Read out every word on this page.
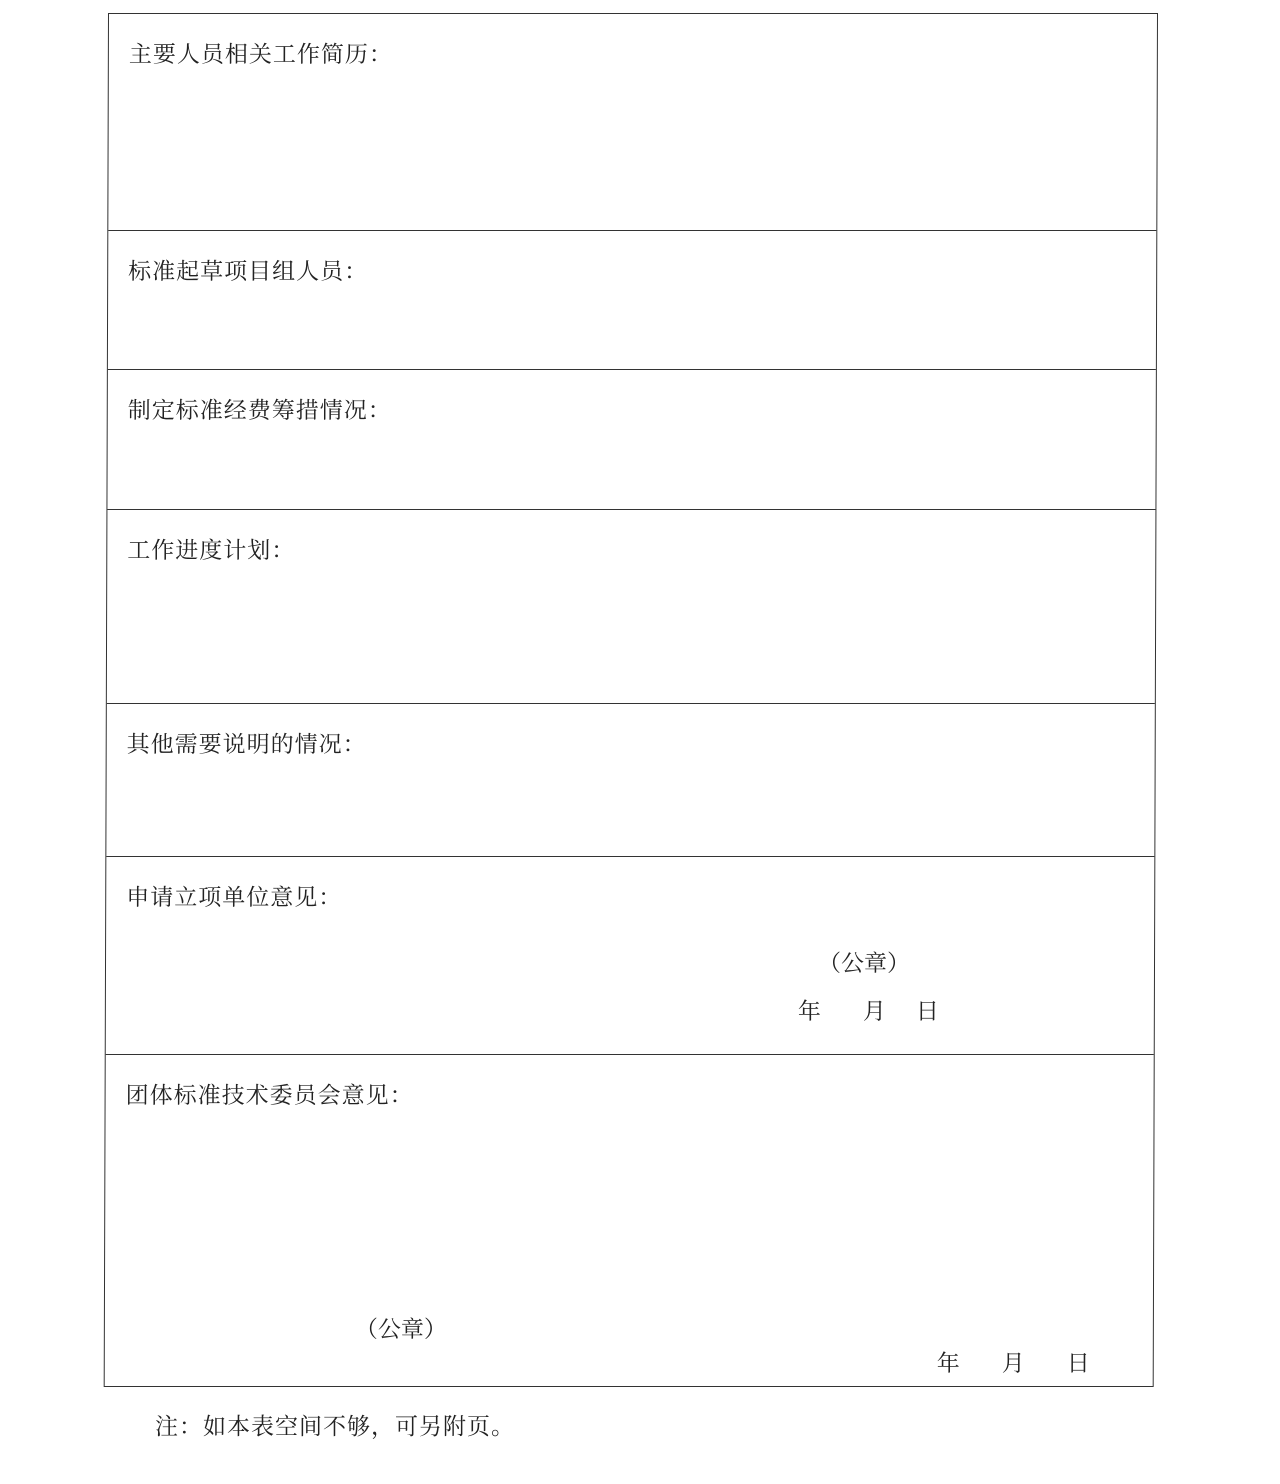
主要人员相关工作简历：
标准起草项目组人员：
制定标准经费筹措情况：
工作进度计划：
其他需要说明的情况：
申请立项单位意见：
（公章）
年 月 日
团体标准技术委员会意见：
（公章）
年 月 日
注：如本表空间不够，可另附页。
